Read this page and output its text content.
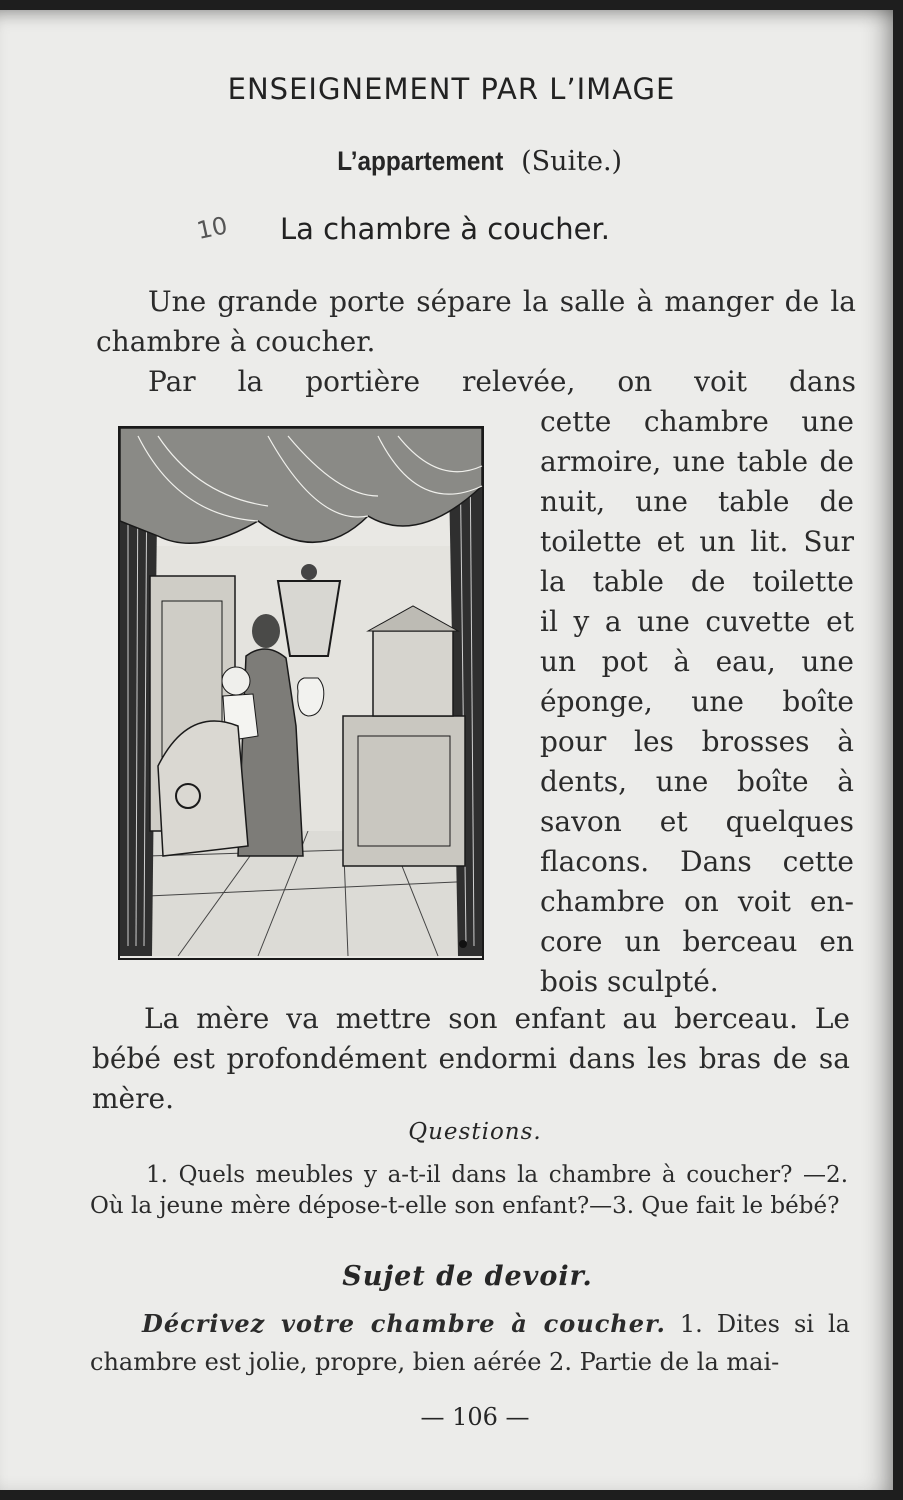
ENSEIGNEMENT PAR L’IMAGE
L’appartement (Suite.)
10	La chambre à coucher.
Une grande porte sépare la salle à manger de la chambre à coucher.
Par la portière relevée, on voit dans
cette chambre une
armoire, une table de
nuit, une table de
toilette et un lit. Sur
la table de toilette
il y a une cuvette et
un pot à eau, une
éponge, une boîte
pour les brosses à
dents, une boîte à
savon et quelques
flacons. Dans cette
chambre on voit en-
core un berceau en
bois sculpté.
La mère va mettre son enfant au berceau. Le bébé est profondément endormi dans les bras de sa mère.
Questions.
1. Quels meubles y a-t-il dans la chambre à coucher? —2. Où la jeune mère dépose-t-elle son enfant?—3. Que fait le bébé?
Sujet de devoir.
Décrivez votre chambre à coucher. 1. Dites si la chambre est jolie, propre, bien aérée 2. Partie de la mai-
— 106 —
